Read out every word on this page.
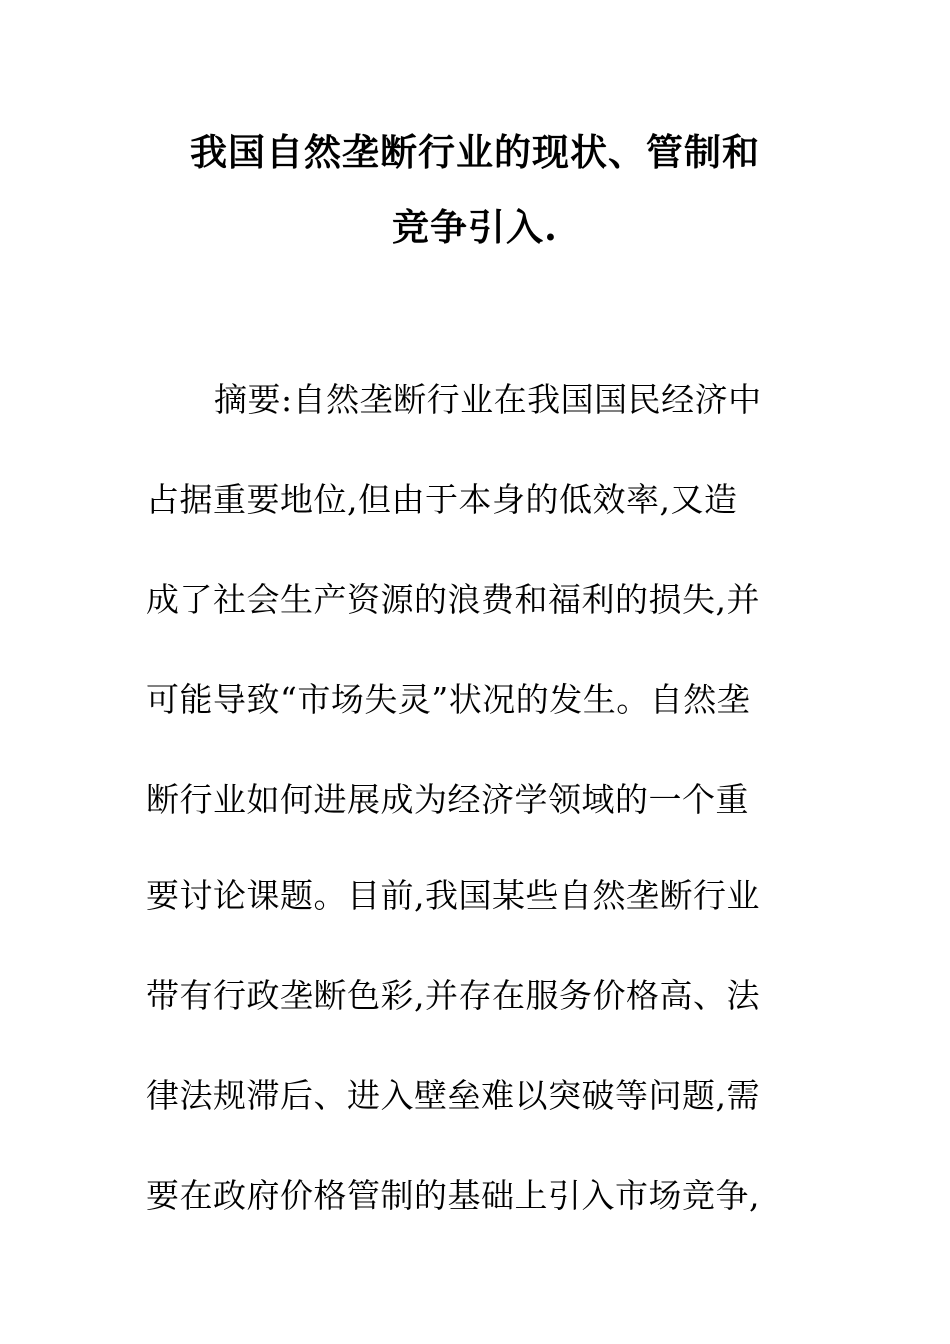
我国自然垄断行业的现状、管制和
竞争引入.
摘要:自然垄断行业在我国国民经济中
占据重要地位,但由于本身的低效率,又造
成了社会生产资源的浪费和福利的损失,并
可能导致“市场失灵”状况的发生。自然垄
断行业如何进展成为经济学领域的一个重
要讨论课题。目前,我国某些自然垄断行业
带有行政垄断色彩,并存在服务价格高、法
律法规滞后、进入壁垒难以突破等问题,需
要在政府价格管制的基础上引入市场竞争,
